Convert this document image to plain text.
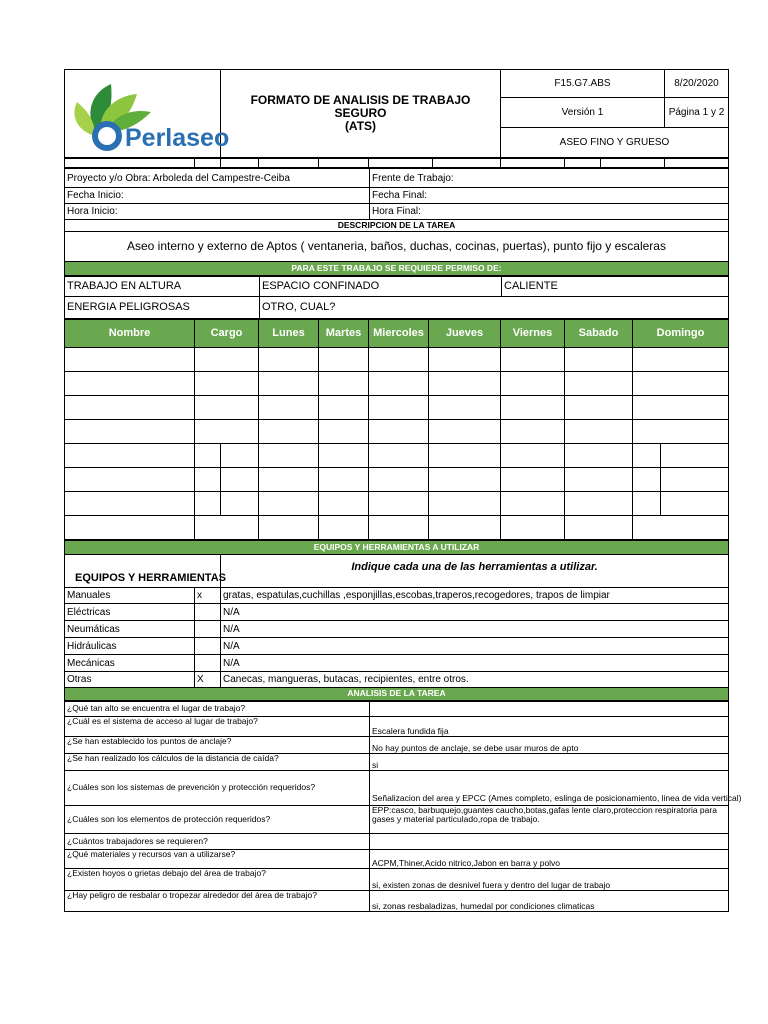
Perlaseo	FORMATO DE ANALISIS DE TRABAJO SEGURO
(ATS)	F15.G7.ABS	8/20/2020
		Versión 1	Página 1 y 2
		ASEO FINO Y GRUESO	

Proyecto y/o Obra: Arboleda del Campestre-Ceiba	Frente de Trabajo:
Fecha Inicio:	Fecha Final:
Hora Inicio:	Hora Final:
DESCRIPCION DE LA TAREA	
Aseo interno y externo de Aptos ( ventaneria, baños, duchas, cocinas, puertas), punto fijo y escaleras	
PARA ESTE TRABAJO SE REQUIERE PERMISO DE:	
TRABAJO EN ALTURA	ESPACIO CONFINADO	CALIENTE
ENERGIA PELIGROSAS	OTRO, CUAL?	
Nombre	Cargo		Lunes	Martes	Miercoles	Jueves	Viernes	Sabado	Domingo	

EQUIPOS Y HERRAMIENTAS A UTILIZAR		
EQUIPOS Y HERRAMIENTAS		Indique cada una de las herramientas a utilizar.
Manuales	x	gratas, espatulas,cuchillas ,esponjillas,escobas,traperos,recogedores, trapos de limpiar
Eléctricas		N/A
Neumáticas		N/A
Hidráulicas		N/A
Mecánicas		N/A
Otras	X	Canecas, mangueras, butacas, recipientes, entre otros.
ANALISIS DE LA TAREA		
¿Qué tan alto se encuentra el lugar de trabajo?	
¿Cuál es el sistema de acceso al lugar de trabajo?	Escalera fundida fija
¿Se han establecido los puntos de anclaje?	No hay puntos de anclaje, se debe usar muros de apto
¿Se han realizado los cálculos de la distancia de caída?	si
¿Cuáles son los sistemas de prevención y protección requeridos?	Señalizacion del area y EPCC (Ames completo, eslinga de posicionamiento, linea de vida vertical)
¿Cuáles son los elementos de protección requeridos?	EPP:casco, barbuquejo,guantes caucho,botas,gafas lente claro,proteccion respiratoria para gases y material particulado,ropa de trabajo.
¿Cuántos trabajadores se requieren?	
¿Qué materiales y recursos van a utilizarse?	ACPM,Thiner,Acido nitrico,Jabon en barra y polvo
¿Existen hoyos o grietas debajo del área de trabajo?	si, existen zonas de desnivel fuera y dentro del lugar de trabajo
¿Hay peligro de resbalar o tropezar alrededor del área de trabajo?	si, zonas resbaladizas, humedal por condiciones climaticas
